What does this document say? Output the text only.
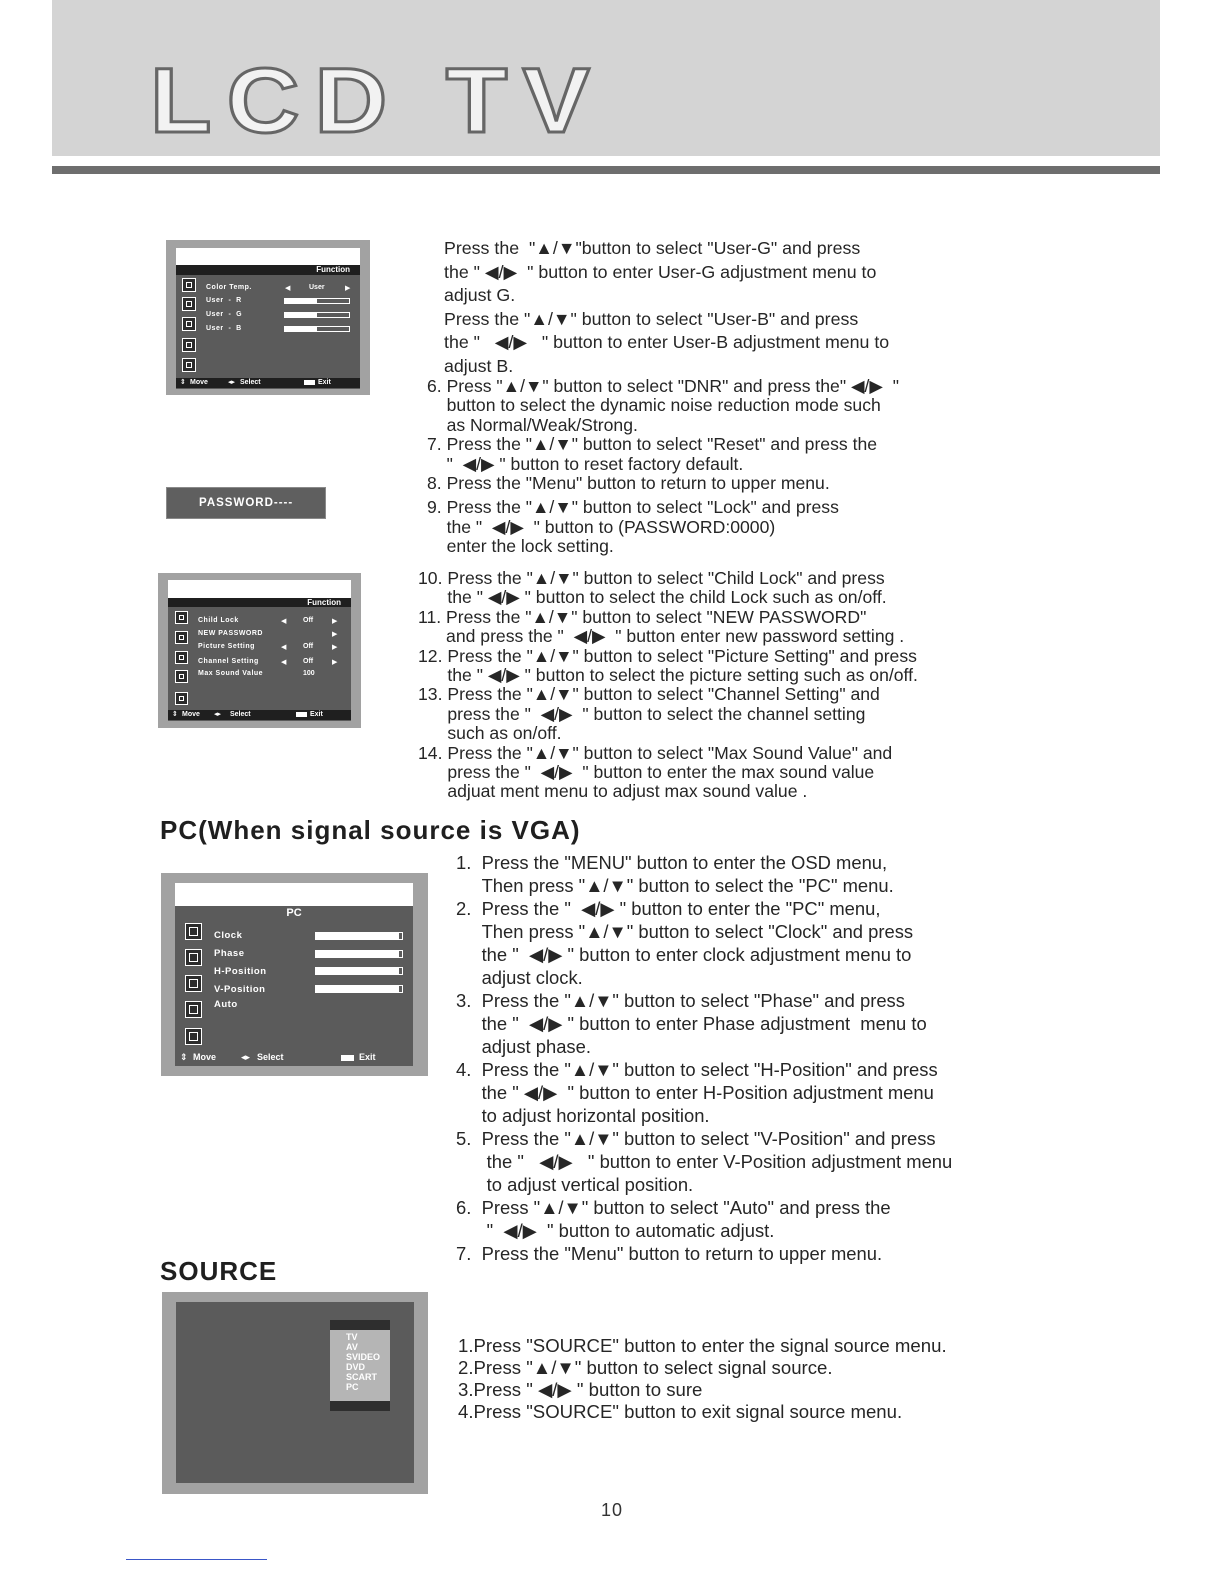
LCD TV
Function
Color Temp.	◀	User	▶
User  -  R
User  -  G
User  -  B
⇕ Move	◂▸ Select	Exit
PASSWORD----
Function
Child Lock	◀ Off	▶
NEW PASSWORD	▶
Picture Setting	◀ Off	▶
Channel Setting	◀ Off	▶
Max Sound Value	100
⇕ Move ◂▸ Select	Exit

Press the  "▲/▼"button to select "User-G" and press

the " ◀/▶  " button to enter User-G adjustment menu to

adjust G.

Press the "▲/▼" button to select "User-B" and press

the "   ◀/▶   " button to enter User-B adjustment menu to

adjust B.

6. Press "▲/▼" button to select "DNR" and press the" ◀/▶  "

button to select the dynamic noise reduction mode such

as Normal/Weak/Strong.

7. Press the "▲/▼" button to select "Reset" and press the

"  ◀/▶ " button to reset factory default.

8. Press the "Menu" button to return to upper menu.

9. Press the "▲/▼" button to select "Lock" and press

the "  ◀/▶  " button to (PASSWORD:0000)

enter the lock setting.

10. Press the "▲/▼" button to select "Child Lock" and press

the " ◀/▶ " button to select the child Lock such as on/off.

11. Press the "▲/▼" button to select "NEW PASSWORD"

and press the "  ◀/▶  " button enter new password setting .

12. Press the "▲/▼" button to select "Picture Setting" and press

the " ◀/▶ " button to select the picture setting such as on/off.

13. Press the "▲/▼" button to select "Channel Setting" and

press the "  ◀/▶  " button to select the channel setting

such as on/off.

14. Press the "▲/▼" button to select "Max Sound Value" and

press the "  ◀/▶  " button to enter the max sound value

adjuat ment menu to adjust max sound value .

PC(When signal source is VGA)
PC
Clock
Phase
H-Position
V-Position
Auto
⇕ Move	◂▸ Select	Exit
1. Press the "MENU" button to enter the OSD menu,

Then press "▲/▼" button to select the "PC" menu.

2. Press the "  ◀/▶ " button to enter the "PC" menu,

Then press "▲/▼" button to select "Clock" and press

the "  ◀/▶ " button to enter clock adjustment menu to

adjust clock.

3. Press the "▲/▼" button to select "Phase" and press

the "  ◀/▶ " button to enter Phase adjustment  menu to

adjust phase.

4. Press the "▲/▼" button to select "H-Position" and press

the " ◀/▶  " button to enter H-Position adjustment menu

to adjust horizontal position.

5. Press the "▲/▼" button to select "V-Position" and press

the "   ◀/▶   " button to enter V-Position adjustment menu

to adjust vertical position.

6. Press "▲/▼" button to select "Auto" and press the

"  ◀/▶  " button to automatic adjust.

7. Press the "Menu" button to return to upper menu.

SOURCE
TV
AV
SVIDEO
DVD
SCART
PC

1.Press "SOURCE" button to enter the signal source menu.

2.Press "▲/▼" button to select signal source.

3.Press " ◀/▶ " button to sure

4.Press "SOURCE" button to exit signal source menu.

10
